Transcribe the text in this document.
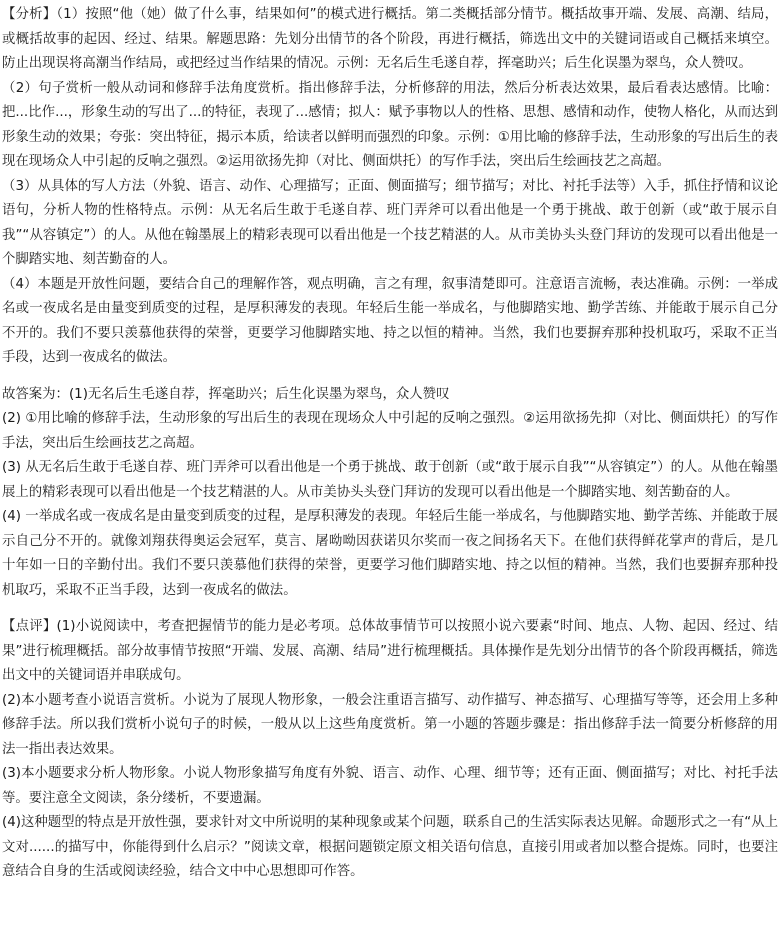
【分析】（1）按照“他（她）做了什么事，结果如何”的模式进行概括。第二类概括部分情节。概括故事开端、发展、高潮、结局，或概括故事的起因、经过、结果。解题思路：先划分出情节的各个阶段，再进行概括，筛选出文中的关键词语或自己概括来填空。防止出现误将高潮当作结局，或把经过当作结果的情况。示例：无名后生毛遂自荐，挥毫助兴；后生化误墨为翠鸟，众人赞叹。

（2）句子赏析一般从动词和修辞手法角度赏析。指出修辞手法，分析修辞的用法，然后分析表达效果，最后看表达感情。比喻：把...比作...，形象生动的写出了...的特征，表现了...感情；拟人：赋予事物以人的性格、思想、感情和动作，使物人格化，从而达到形象生动的效果；夸张：突出特征，揭示本质，给读者以鲜明而强烈的印象。示例：①用比喻的修辞手法，生动形象的写出后生的表现在现场众人中引起的反响之强烈。②运用欲扬先抑（对比、侧面烘托）的写作手法，突出后生绘画技艺之高超。

（3）从具体的写人方法（外貌、语言、动作、心理描写；正面、侧面描写；细节描写；对比、衬托手法等）入手，抓住抒情和议论语句，分析人物的性格特点。示例：从无名后生敢于毛遂自荐、班门弄斧可以看出他是一个勇于挑战、敢于创新（或“敢于展示自我”“从容镇定”）的人。从他在翰墨展上的精彩表现可以看出他是一个技艺精湛的人。从市美协头头登门拜访的发现可以看出他是一个脚踏实地、刻苦勤奋的人。

（4）本题是开放性问题，要结合自己的理解作答，观点明确，言之有理，叙事清楚即可。注意语言流畅，表达准确。示例：一举成名或一夜成名是由量变到质变的过程，是厚积薄发的表现。年轻后生能一举成名，与他脚踏实地、勤学苦练、并能敢于展示自己分不开的。我们不要只羡慕他获得的荣誉，更要学习他脚踏实地、持之以恒的精神。当然，我们也要摒弃那种投机取巧，采取不正当手段，达到一夜成名的做法。

故答案为：(1)无名后生毛遂自荐，挥毫助兴；后生化误墨为翠鸟，众人赞叹

(2) ①用比喻的修辞手法，生动形象的写出后生的表现在现场众人中引起的反响之强烈。②运用欲扬先抑（对比、侧面烘托）的写作手法，突出后生绘画技艺之高超。

(3) 从无名后生敢于毛遂自荐、班门弄斧可以看出他是一个勇于挑战、敢于创新（或“敢于展示自我”“从容镇定”）的人。从他在翰墨展上的精彩表现可以看出他是一个技艺精湛的人。从市美协头头登门拜访的发现可以看出他是一个脚踏实地、刻苦勤奋的人。

(4) 一举成名或一夜成名是由量变到质变的过程，是厚积薄发的表现。年轻后生能一举成名，与他脚踏实地、勤学苦练、并能敢于展示自己分不开的。就像刘翔获得奥运会冠军，莫言、屠呦呦因获诺贝尔奖而一夜之间扬名天下。在他们获得鲜花掌声的背后，是几十年如一日的辛勤付出。我们不要只羡慕他们获得的荣誉，更要学习他们脚踏实地、持之以恒的精神。当然，我们也要摒弃那种投机取巧，采取不正当手段，达到一夜成名的做法。

【点评】(1)小说阅读中，考查把握情节的能力是必考项。总体故事情节可以按照小说六要素“时间、地点、人物、起因、经过、结果”进行梳理概括。部分故事情节按照“开端、发展、高潮、结局”进行梳理概括。具体操作是先划分出情节的各个阶段再概括，筛选出文中的关键词语并串联成句。

(2)本小题考查小说语言赏析。小说为了展现人物形象，一般会注重语言描写、动作描写、神态描写、心理描写等等，还会用上多种修辞手法。所以我们赏析小说句子的时候，一般从以上这些角度赏析。第一小题的答题步骤是：指出修辞手法一简要分析修辞的用法一指出表达效果。

(3)本小题要求分析人物形象。小说人物形象描写角度有外貌、语言、动作、心理、细节等；还有正面、侧面描写；对比、衬托手法等。要注意全文阅读，条分缕析，不要遗漏。

(4)这种题型的特点是开放性强，要求针对文中所说明的某种现象或某个问题，联系自己的生活实际表达见解。命题形式之一有“从上文对......的描写中，你能得到什么启示？”阅读文章，根据问题锁定原文相关语句信息，直接引用或者加以整合提炼。同时，也要注意结合自身的生活或阅读经验，结合文中中心思想即可作答。
